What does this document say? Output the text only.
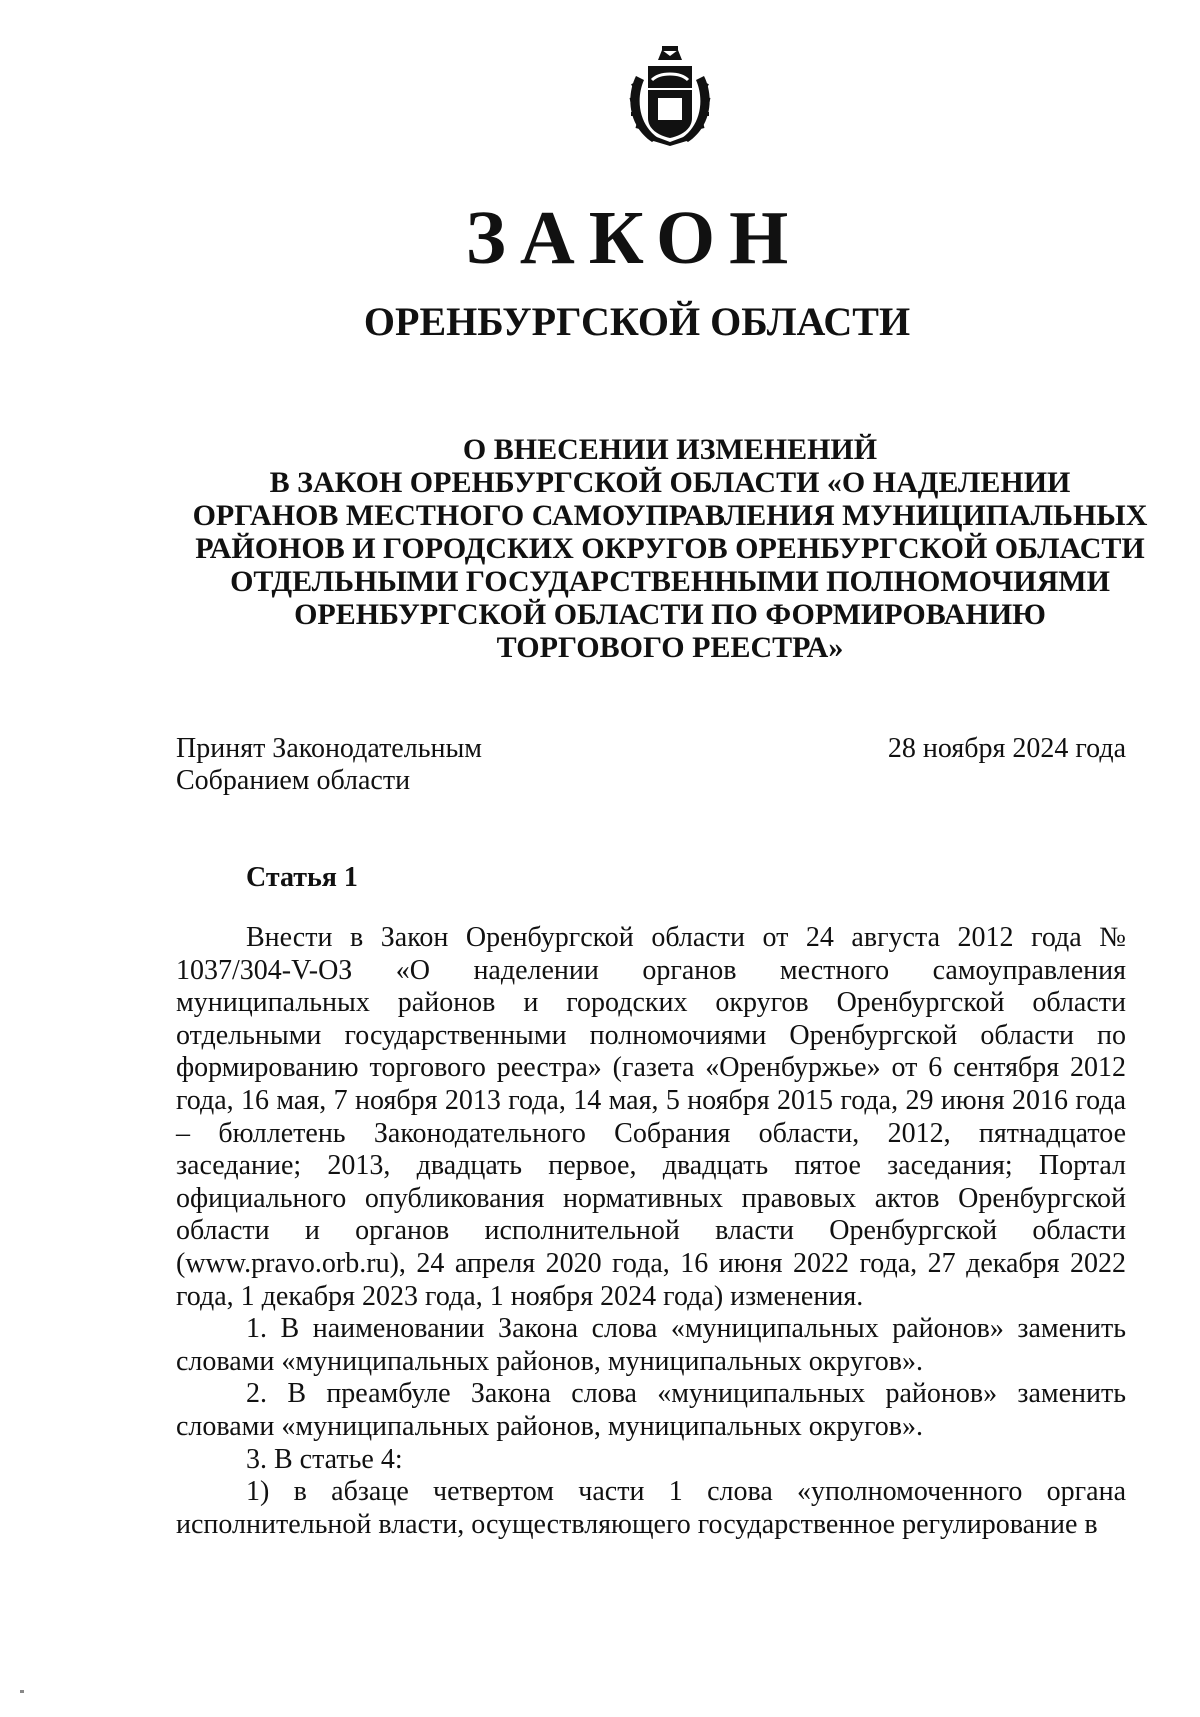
ЗАКОН
ОРЕНБУРГСКОЙ ОБЛАСТИ
О ВНЕСЕНИИ ИЗМЕНЕНИЙ
В ЗАКОН ОРЕНБУРГСКОЙ ОБЛАСТИ «О НАДЕЛЕНИИ
ОРГАНОВ МЕСТНОГО САМОУПРАВЛЕНИЯ МУНИЦИПАЛЬНЫХ
РАЙОНОВ И ГОРОДСКИХ ОКРУГОВ ОРЕНБУРГСКОЙ ОБЛАСТИ
ОТДЕЛЬНЫМИ ГОСУДАРСТВЕННЫМИ ПОЛНОМОЧИЯМИ
ОРЕНБУРГСКОЙ ОБЛАСТИ ПО ФОРМИРОВАНИЮ
ТОРГОВОГО РЕЕСТРА»
Принят Законодательным
Собранием области
28 ноября 2024 года
Статья 1

Внести в Закон Оренбургской области от 24 августа 2012 года № 1037/304-V-ОЗ «О наделении органов местного самоуправления муниципальных районов и городских округов Оренбургской области отдельными государственными полномочиями Оренбургской области по формированию торгового реестра» (газета «Оренбуржье» от 6 сентября 2012 года, 16 мая, 7 ноября 2013 года, 14 мая, 5 ноября 2015 года, 29 июня 2016 года – бюллетень Законодательного Собрания области, 2012, пятнадцатое заседание; 2013, двадцать первое, двадцать пятое заседания; Портал официального опубликования нормативных правовых актов Оренбургской области и органов исполнительной власти Оренбургской области (www.pravo.orb.ru), 24 апреля 2020 года, 16 июня 2022 года, 27 декабря 2022 года, 1 декабря 2023 года, 1 ноября 2024 года) изменения.

1. В наименовании Закона слова «муниципальных районов» заменить словами «муниципальных районов, муниципальных округов».

2. В преамбуле Закона слова «муниципальных районов» заменить словами «муниципальных районов, муниципальных округов».

3. В статье 4:

1) в абзаце четвертом части 1 слова «уполномоченного органа исполнительной власти, осуществляющего государственное регулирование в
